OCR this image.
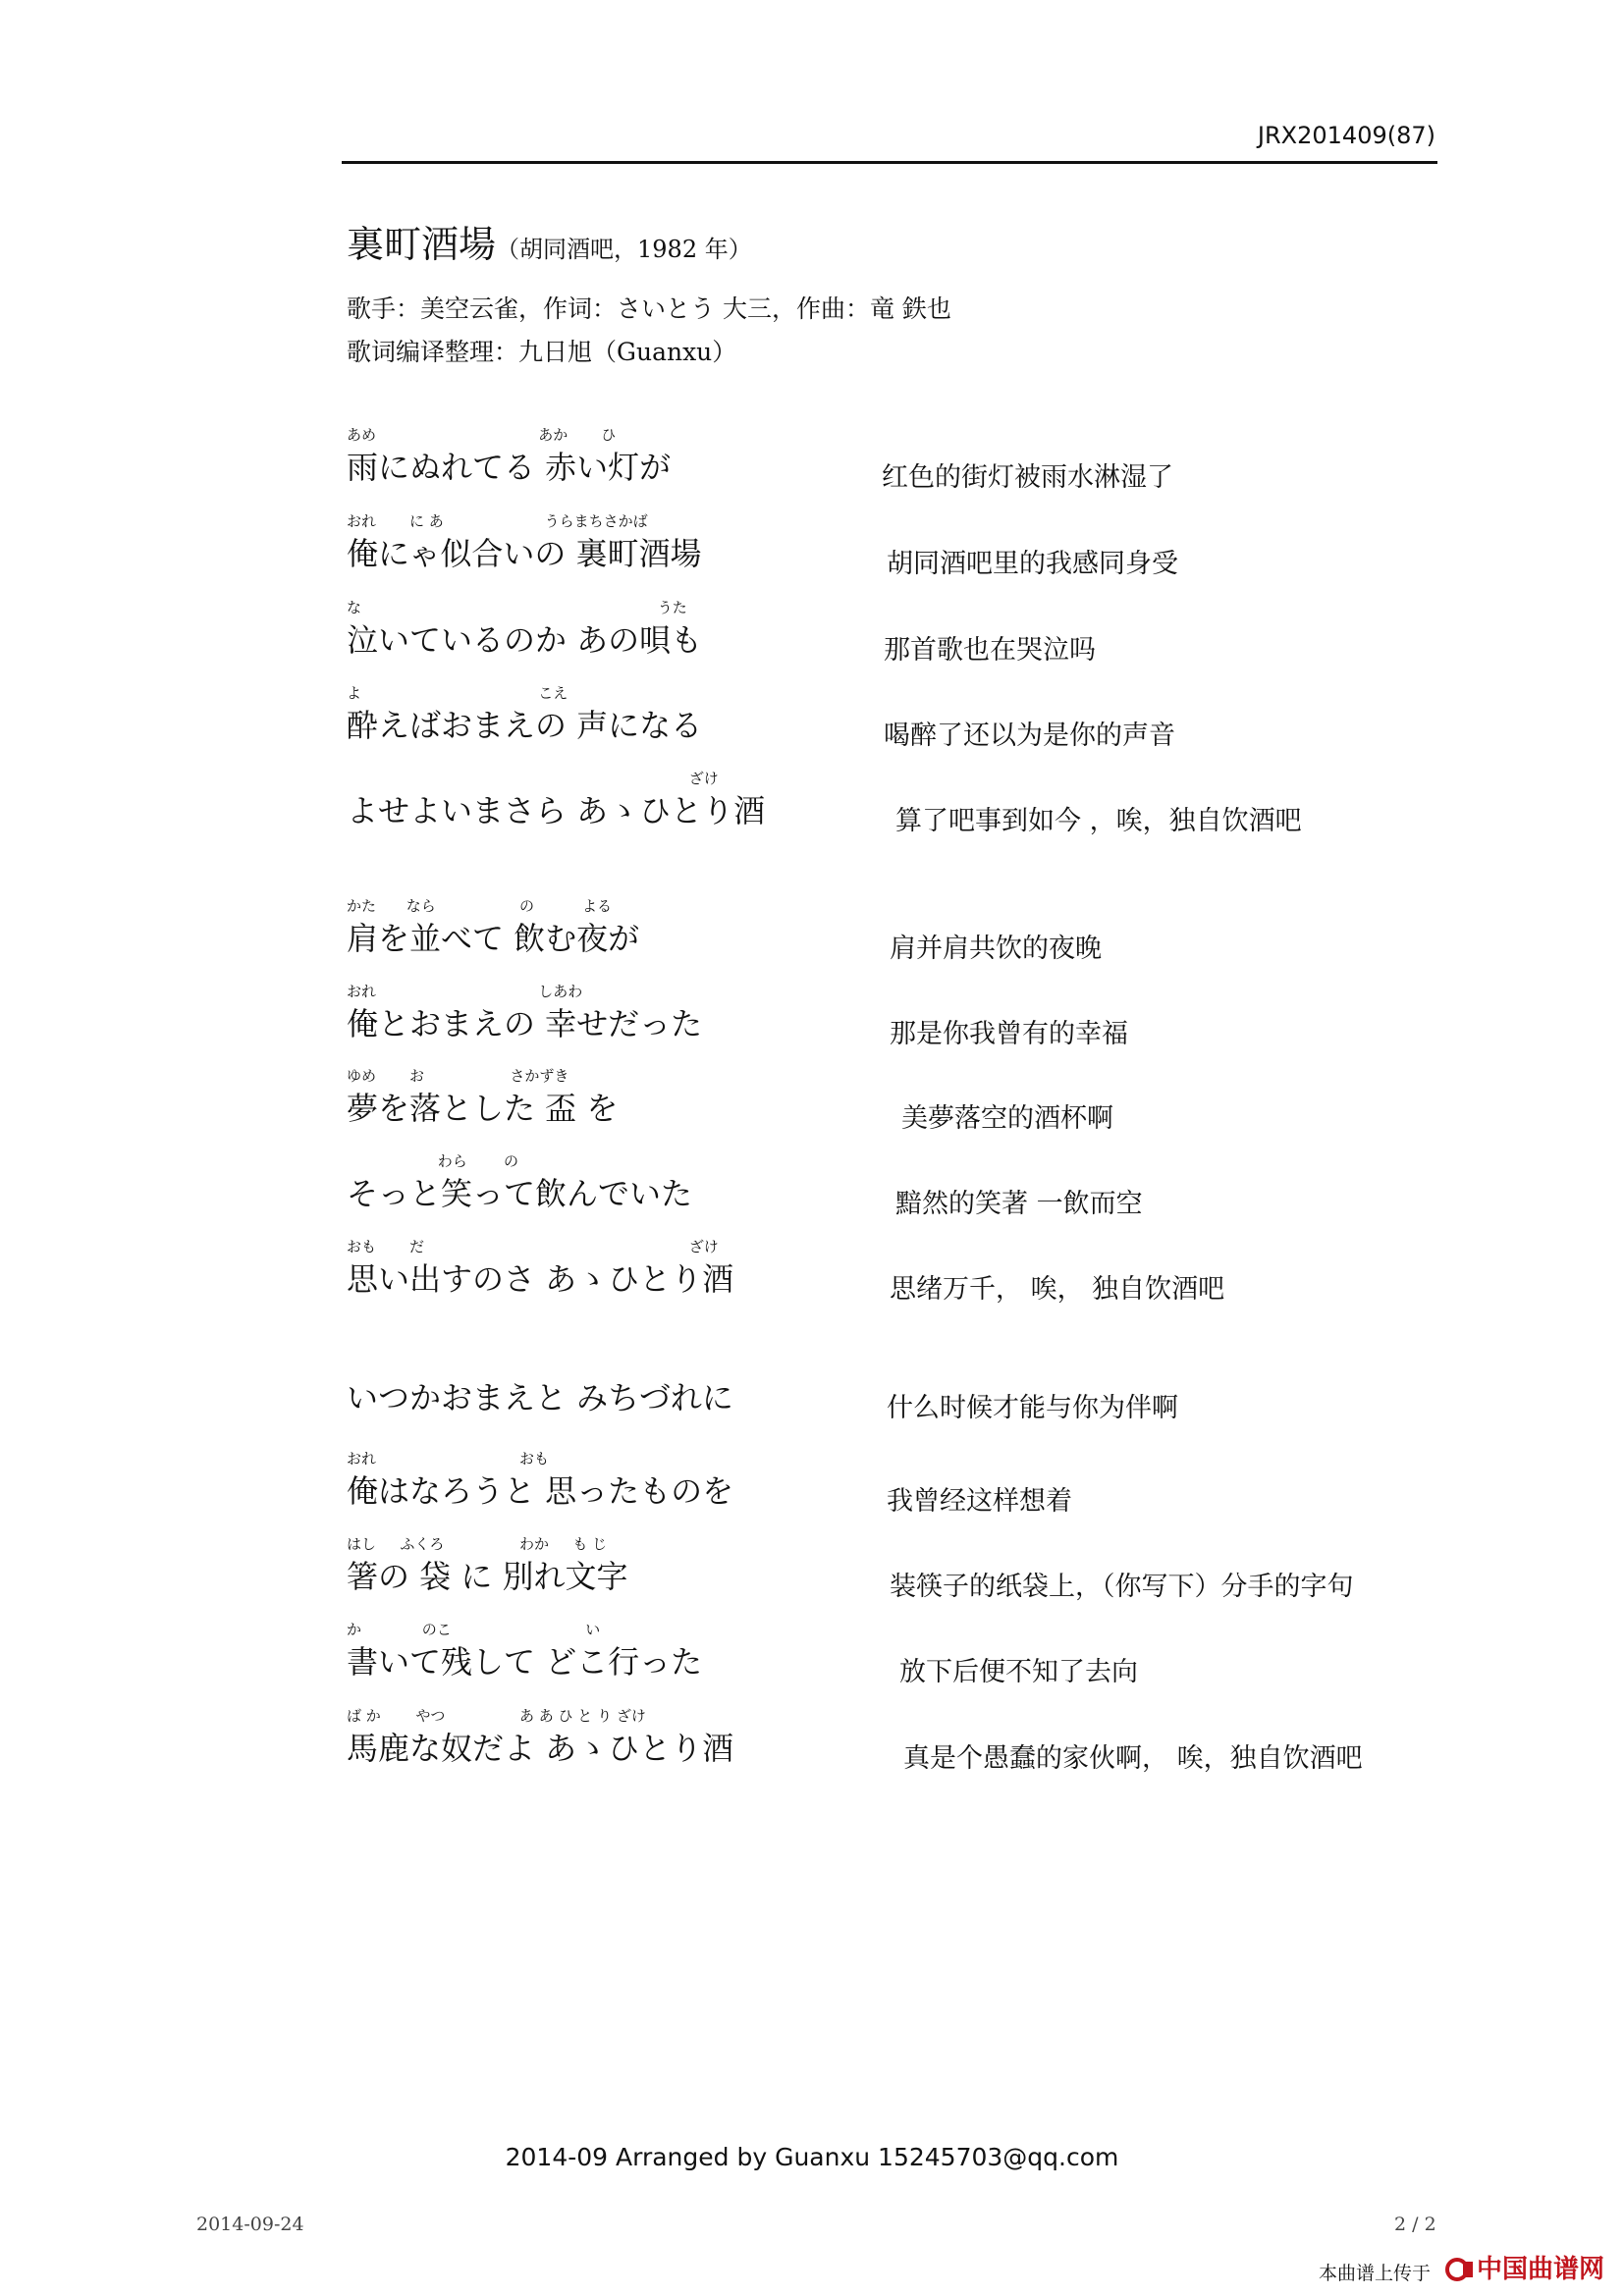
JRX201409(87)
裏町酒場（胡同酒吧，1982 年）
歌手：美空云雀，作词：さいとう 大三，作曲：竜 鉄也
歌词编译整理：九日旭（Guanxu）
あめ	あか ひ
雨にぬれてる 赤い灯が	红色的街灯被雨水淋湿了
おれ に あ	うらまちさかば
俺にゃ似合いの 裏町酒場	胡同酒吧里的我感同身受
な	うた
泣いているのか あの唄も	那首歌也在哭泣吗
よ	こえ
酔えばおまえの 声になる	喝醉了还以为是你的声音
ざけ
よせよいまさら あゝひとり酒	算了吧事到如今 ，唉，独自饮酒吧
かた なら	の	よる
肩を並べて 飲む夜が	肩并肩共饮的夜晚
おれ	しあわ
俺とおまえの 幸せだった	那是你我曾有的幸福
ゆめ お	さかずき
夢を落とした 盃 を	美夢落空的酒杯啊
わら の
そっと笑って飲んでいた	黯然的笑著 一飲而空
おも だ	ざけ
思い出すのさ あゝひとり酒	思绪万千， 唉， 独自饮酒吧
いつかおまえと みちづれに	什么时候才能与你为伴啊
おれ	おも
俺はなろうと 思ったものを	我曾经这样想着
はし ふくろ	わか も じ
箸の 袋 に 別れ文字	装筷子的纸袋上，（你写下）分手的字句
か	のこ	い
書いて残して どこ行った	放下后便不知了去向
ば か やつ	あ あ ひ と り ざけ
馬鹿な奴だよ あゝひとり酒	真是个愚蠢的家伙啊， 唉，独自饮酒吧
2014-09 Arranged by Guanxu 15245703@qq.com
2014-09-24	2 / 2
本曲谱上传于 中国曲谱网
